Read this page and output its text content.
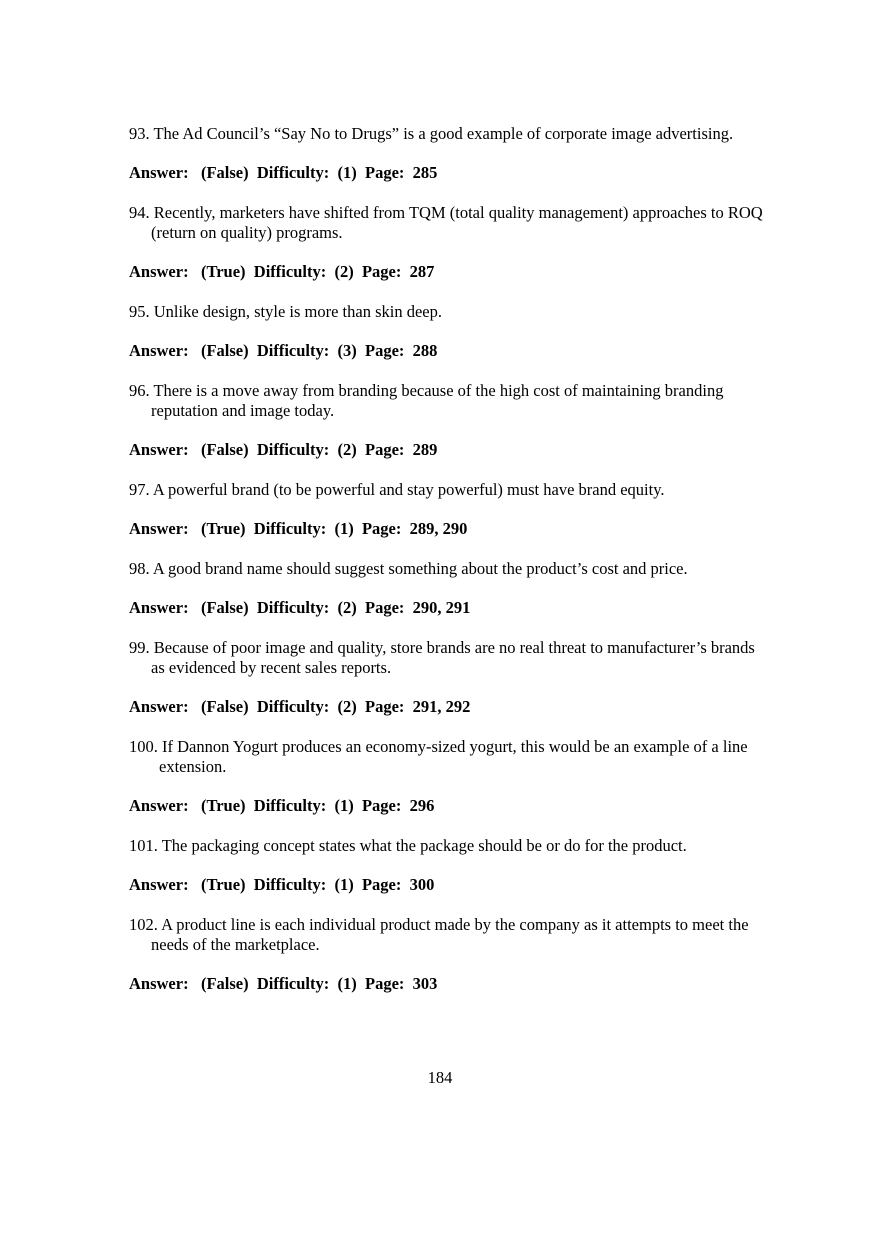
93. The Ad Council’s “Say No to Drugs” is a good example of corporate image advertising.

Answer: (False) Difficulty: (1) Page: 285

94. Recently, marketers have shifted from TQM (total quality management) approaches to ROQ (return on quality) programs.

Answer: (True) Difficulty: (2) Page: 287

95. Unlike design, style is more than skin deep.

Answer: (False) Difficulty: (3) Page: 288

96. There is a move away from branding because of the high cost of maintaining branding reputation and image today.

Answer: (False) Difficulty: (2) Page: 289

97. A powerful brand (to be powerful and stay powerful) must have brand equity.

Answer: (True) Difficulty: (1) Page: 289, 290

98. A good brand name should suggest something about the product’s cost and price.

Answer: (False) Difficulty: (2) Page: 290, 291

99. Because of poor image and quality, store brands are no real threat to manufacturer’s brands as evidenced by recent sales reports.

Answer: (False) Difficulty: (2) Page: 291, 292

100. If Dannon Yogurt produces an economy-sized yogurt, this would be an example of a line extension.

Answer: (True) Difficulty: (1) Page: 296

101. The packaging concept states what the package should be or do for the product.

Answer: (True) Difficulty: (1) Page: 300

102. A product line is each individual product made by the company as it attempts to meet the needs of the marketplace.

Answer: (False) Difficulty: (1) Page: 303

184
